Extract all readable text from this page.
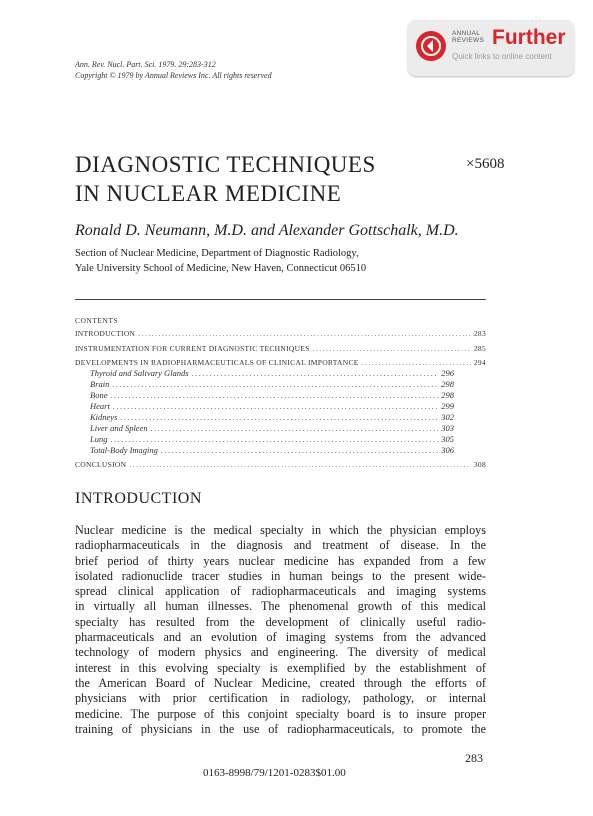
ANNUAL
REVIEWS Further
Quick links to online content
Ann. Rev. Nucl. Part. Sci. 1979. 29:283-312
Copyright © 1979 by Annual Reviews Inc. All rights reserved
DIAGNOSTIC TECHNIQUES
IN NUCLEAR MEDICINE
×5608
Ronald D. Neumann, M.D. and Alexander Gottschalk, M.D.
Section of Nuclear Medicine, Department of Diagnostic Radiology,
Yale University School of Medicine, New Haven, Connecticut 06510
CONTENTS
INTRODUCTION .....	283
INSTRUMENTATION FOR CURRENT DIAGNOSTIC TECHNIQUES .....	285
DEVELOPMENTS IN RADIOPHARMACEUTICALS OF CLINICAL IMPORTANCE .....	294
Thyroid and Salivary Glands .....	296
Brain .....	298
Bone .....	298
Heart .....	299
Kidneys .....	302
Liver and Spleen .....	303
Lung .....	305
Total-Body Imaging .....	306
CONCLUSION .....	308
INTRODUCTION
Nuclear medicine is the medical specialty in which the physician employs
radiopharmaceuticals in the diagnosis and treatment of disease. In the
brief period of thirty years nuclear medicine has expanded from a few
isolated radionuclide tracer studies in human beings to the present wide-
spread clinical application of radiopharmaceuticals and imaging systems
in virtually all human illnesses. The phenomenal growth of this medical
specialty has resulted from the development of clinically useful radio-
pharmaceuticals and an evolution of imaging systems from the advanced
technology of modern physics and engineering. The diversity of medical
interest in this evolving specialty is exemplified by the establishment of
the American Board of Nuclear Medicine, created through the efforts of
physicians with prior certification in radiology, pathology, or internal
medicine. The purpose of this conjoint specialty board is to insure proper
training of physicians in the use of radiopharmaceuticals, to promote the
283
0163-8998/79/1201-0283$01.00
